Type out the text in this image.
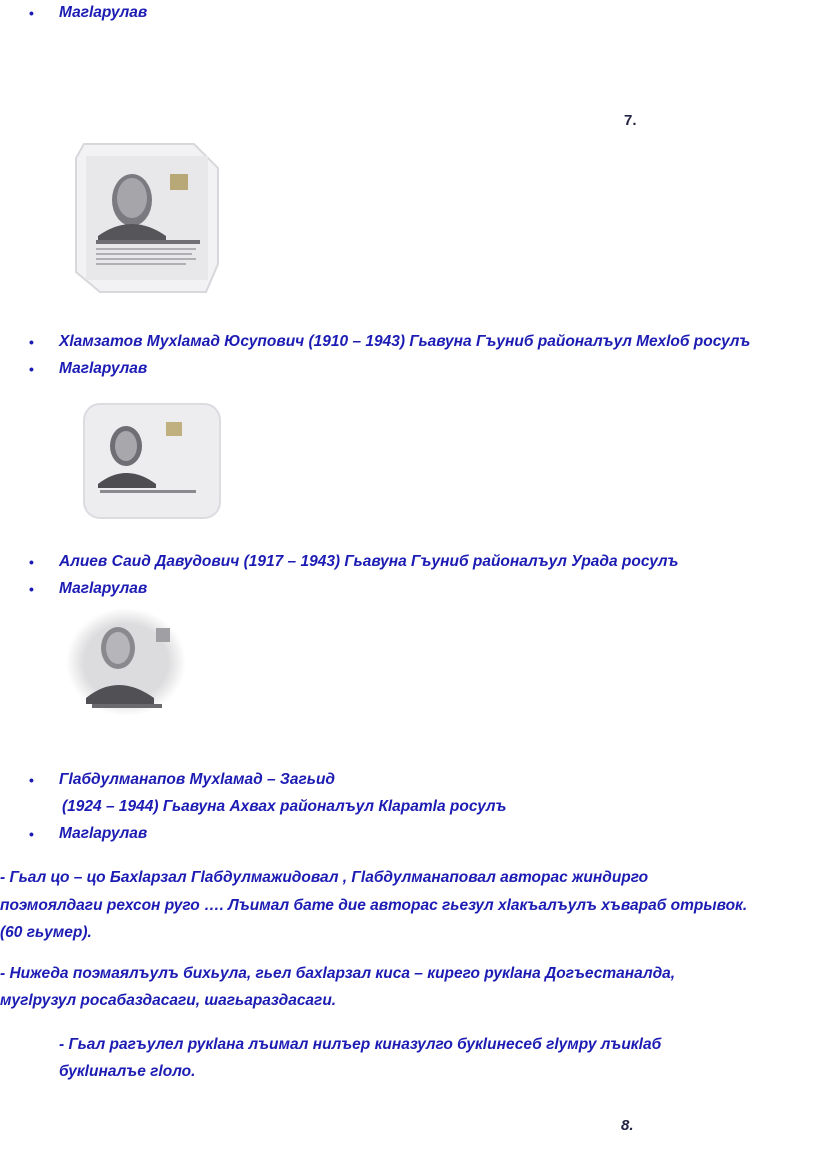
• Магlарулав
7.
• Хlамзатов Мухlамад Юсупович (1910 – 1943) Гьавуна Гъуниб районалъул Мехlоб росулъ
• Магlарулав
• Алиев Саид Давудович (1917 – 1943) Гьавуна Гъуниб районалъул Урада росулъ
• Магlарулав
• Гlабдулманапов Мухlамад – Загьид
(1924 – 1944) Гьавуна Ахвах районалъул Кlаратlа росулъ
• Магlарулав
- Гьал цо – цо Бахlарзал Гlабдулмажидовал , Гlабдулманаповал авторас жиндирго
поэмоялдаги рехсон руго …. Лъимал бате дие авторас гьезул хlакъалъулъ хъвараб отрывок.
(60 гьумер).
- Нижеда поэмаялъулъ бихьула, гьел бахlарзал киса – кирего рукlана Догъестаналда,
мугlрузул росабаздасаги, шагьараздасаги.
- Гьал рагъулел рукlана лъимал нилъер киназулго букlинесеб гlумру лъикlаб
букlиналъе гlоло.
8.
